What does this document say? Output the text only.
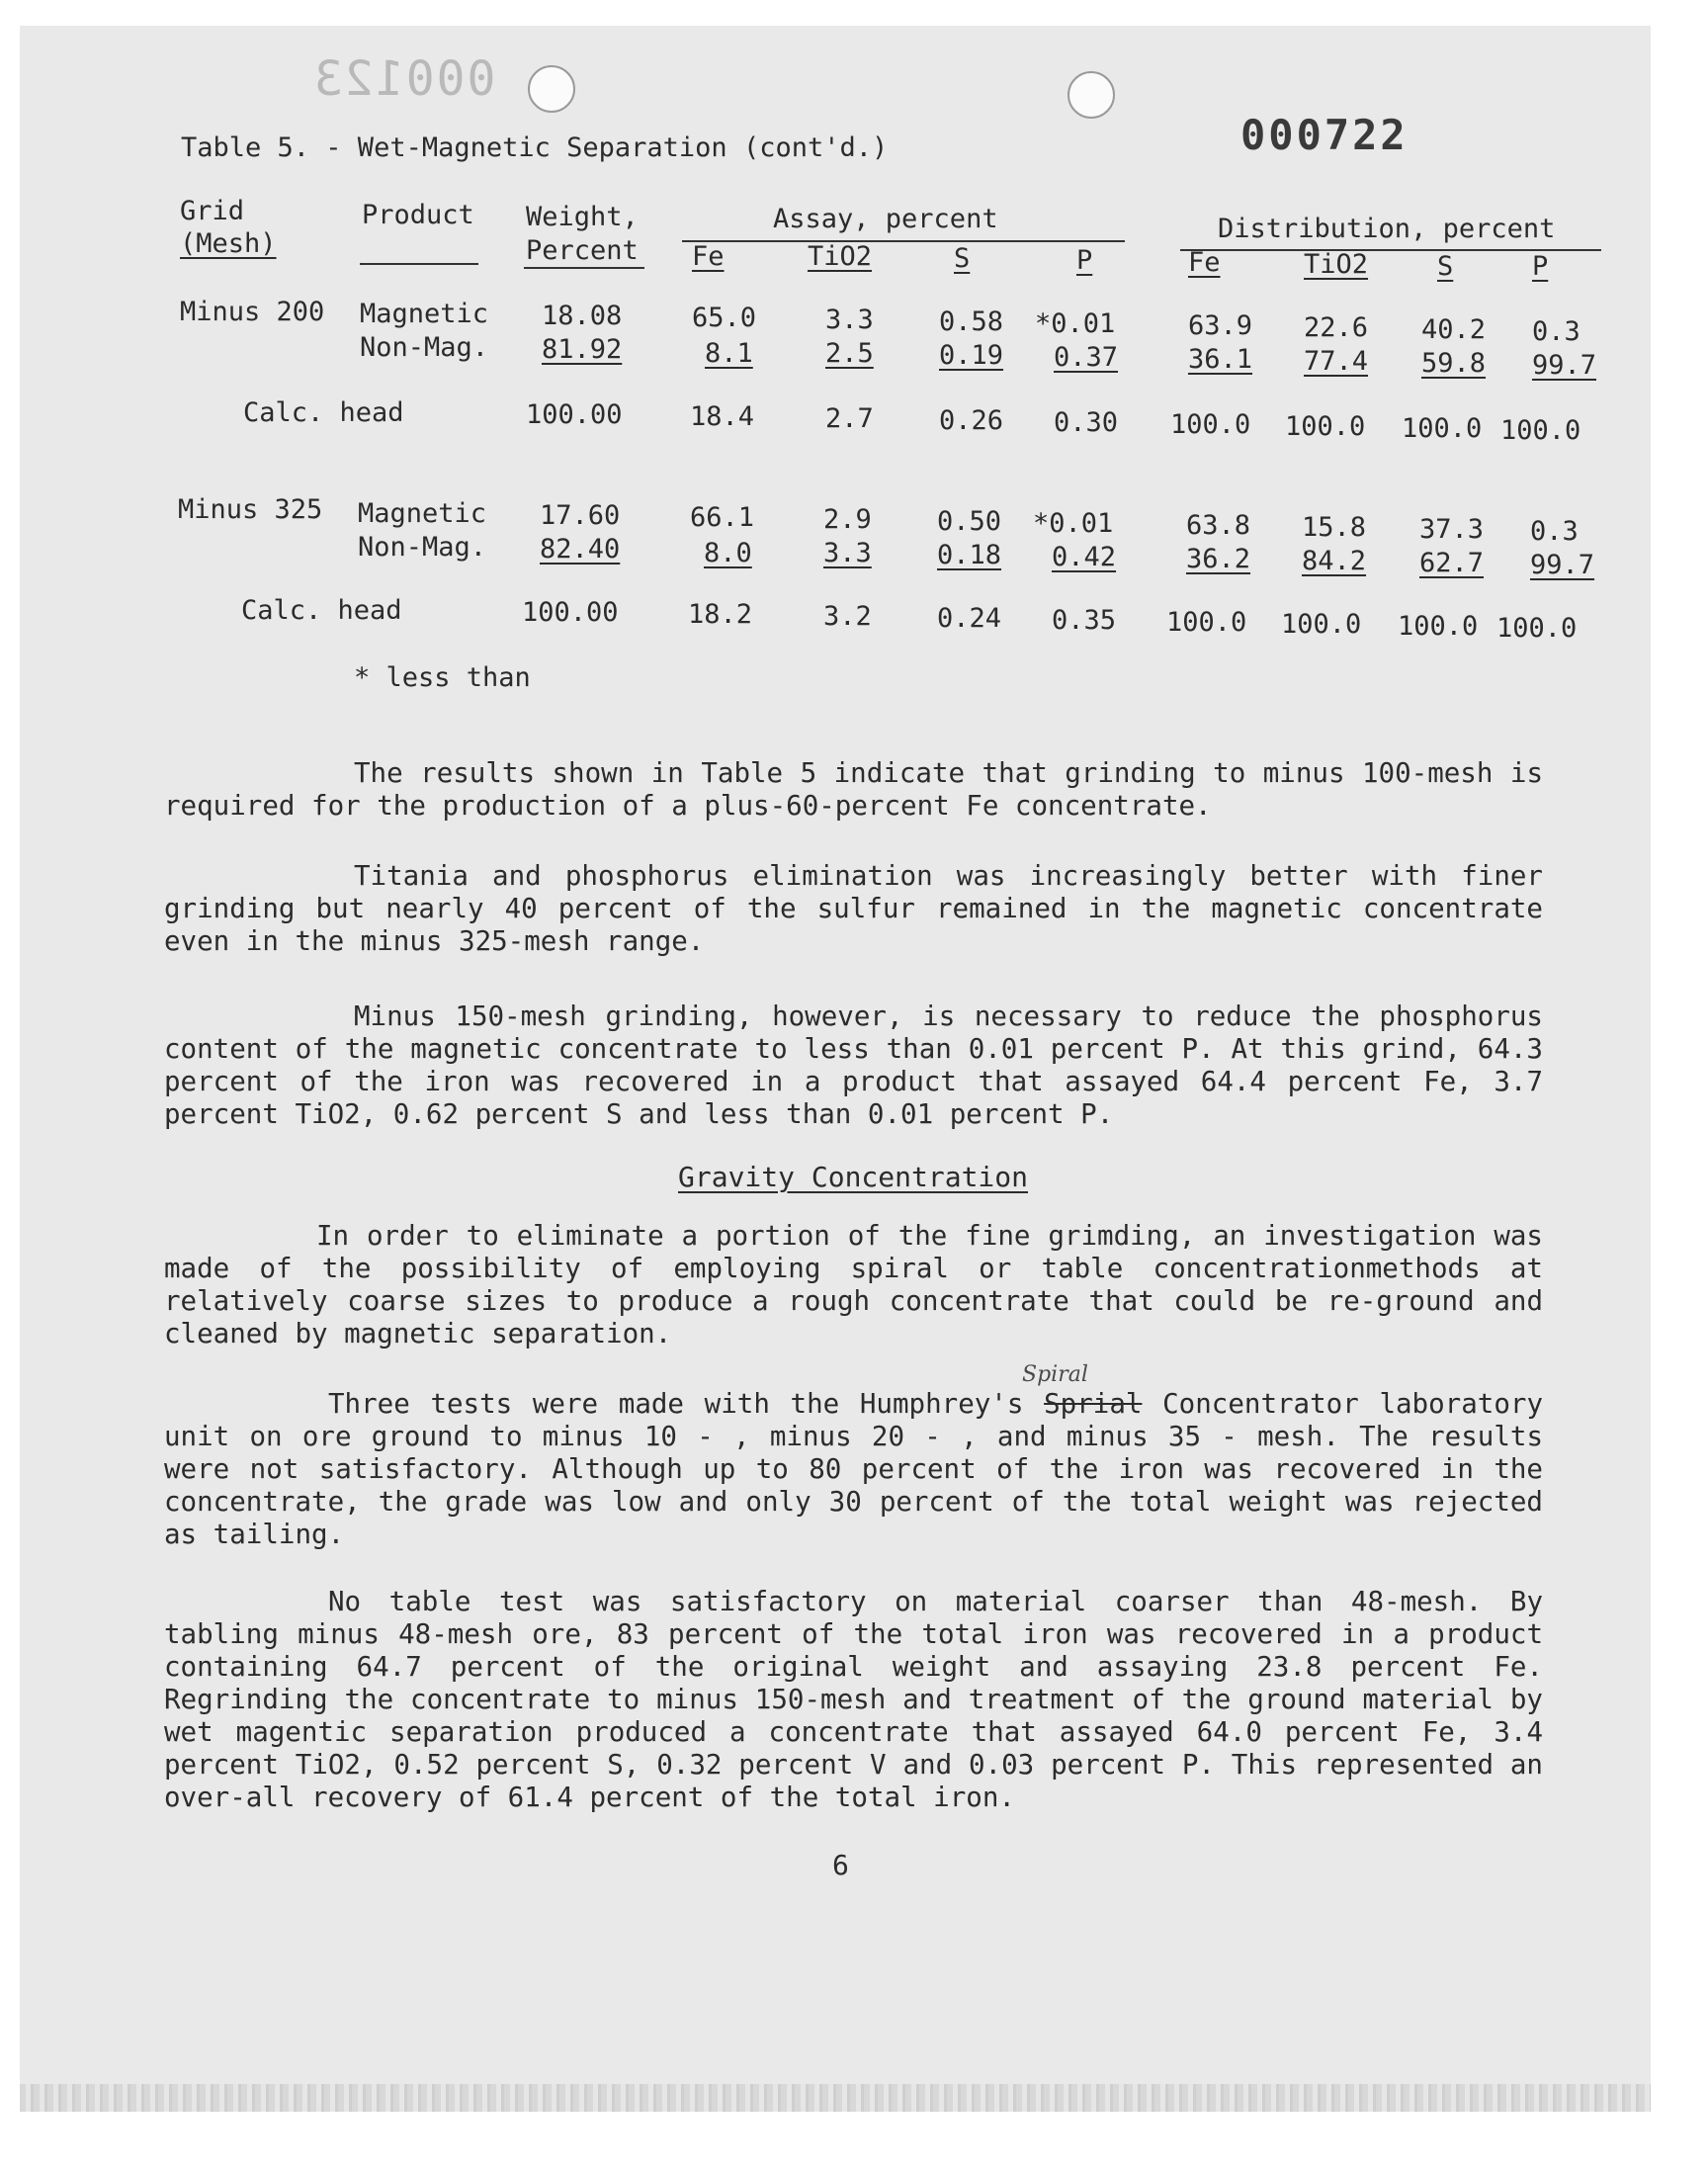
000123
000722
Table 5. - Wet-Magnetic Separation (cont'd.)
Grid
(Mesh)
Product Weight,
Percent
Assay, percent
Fe	TiO2	S	P
Distribution, percent
Fe	TiO2	S	P
Minus 200 Magnetic 18.08	65.0	3.3 0.58 *0.01	63.9 22.6 40.2 0.3
Non-Mag. 81.92	8.1	2.5 0.19 0.37	36.1 77.4 59.8 99.7
Calc. head	100.00	18.4	2.7 0.26 0.30 100.0 100.0 100.0 100.0
Minus 325 Magnetic 17.60	66.1	2.9 0.50 *0.01	63.8 15.8 37.3 0.3
Non-Mag. 82.40	8.0	3.3 0.18 0.42	36.2 84.2 62.7 99.7
Calc. head	100.00	18.2	3.2 0.24 0.35 100.0 100.0 100.0 100.0
* less than

The results shown in Table 5 indicate that grinding to minus 100-mesh is required for the production of a plus-60-percent Fe concentrate.

Titania and phosphorus elimination was increasingly better with finer grinding but nearly 40 percent of the sulfur remained in the magnetic concentrate even in the minus 325-mesh range.

Minus 150-mesh grinding, however, is necessary to reduce the phosphorus content of the magnetic concentrate to less than 0.01 percent P. At this grind, 64.3 percent of the iron was recovered in a product that assayed 64.4 percent Fe, 3.7 percent TiO2, 0.62 percent S and less than 0.01 percent P.

Gravity Concentration

In order to eliminate a portion of the fine grimding, an investigation was made of the possibility of employing spiral or table concentrationmethods at relatively coarse sizes to produce a rough concentrate that could be re-ground and cleaned by magnetic separation.

Spiral

Three tests were made with the Humphrey's Sprial Concentrator laboratory unit on ore ground to minus 10 - , minus 20 - , and minus 35 - mesh. The results were not satisfactory. Although up to 80 percent of the iron was recovered in the concentrate, the grade was low and only 30 percent of the total weight was rejected as tailing.

No table test was satisfactory on material coarser than 48-mesh. By tabling minus 48-mesh ore, 83 percent of the total iron was recovered in a product containing 64.7 percent of the original weight and assaying 23.8 percent Fe. Regrinding the concentrate to minus 150-mesh and treatment of the ground material by wet magentic separation produced a concentrate that assayed 64.0 percent Fe, 3.4 percent TiO2, 0.52 percent S, 0.32 percent V and 0.03 percent P. This represented an over-all recovery of 61.4 percent of the total iron.

6
